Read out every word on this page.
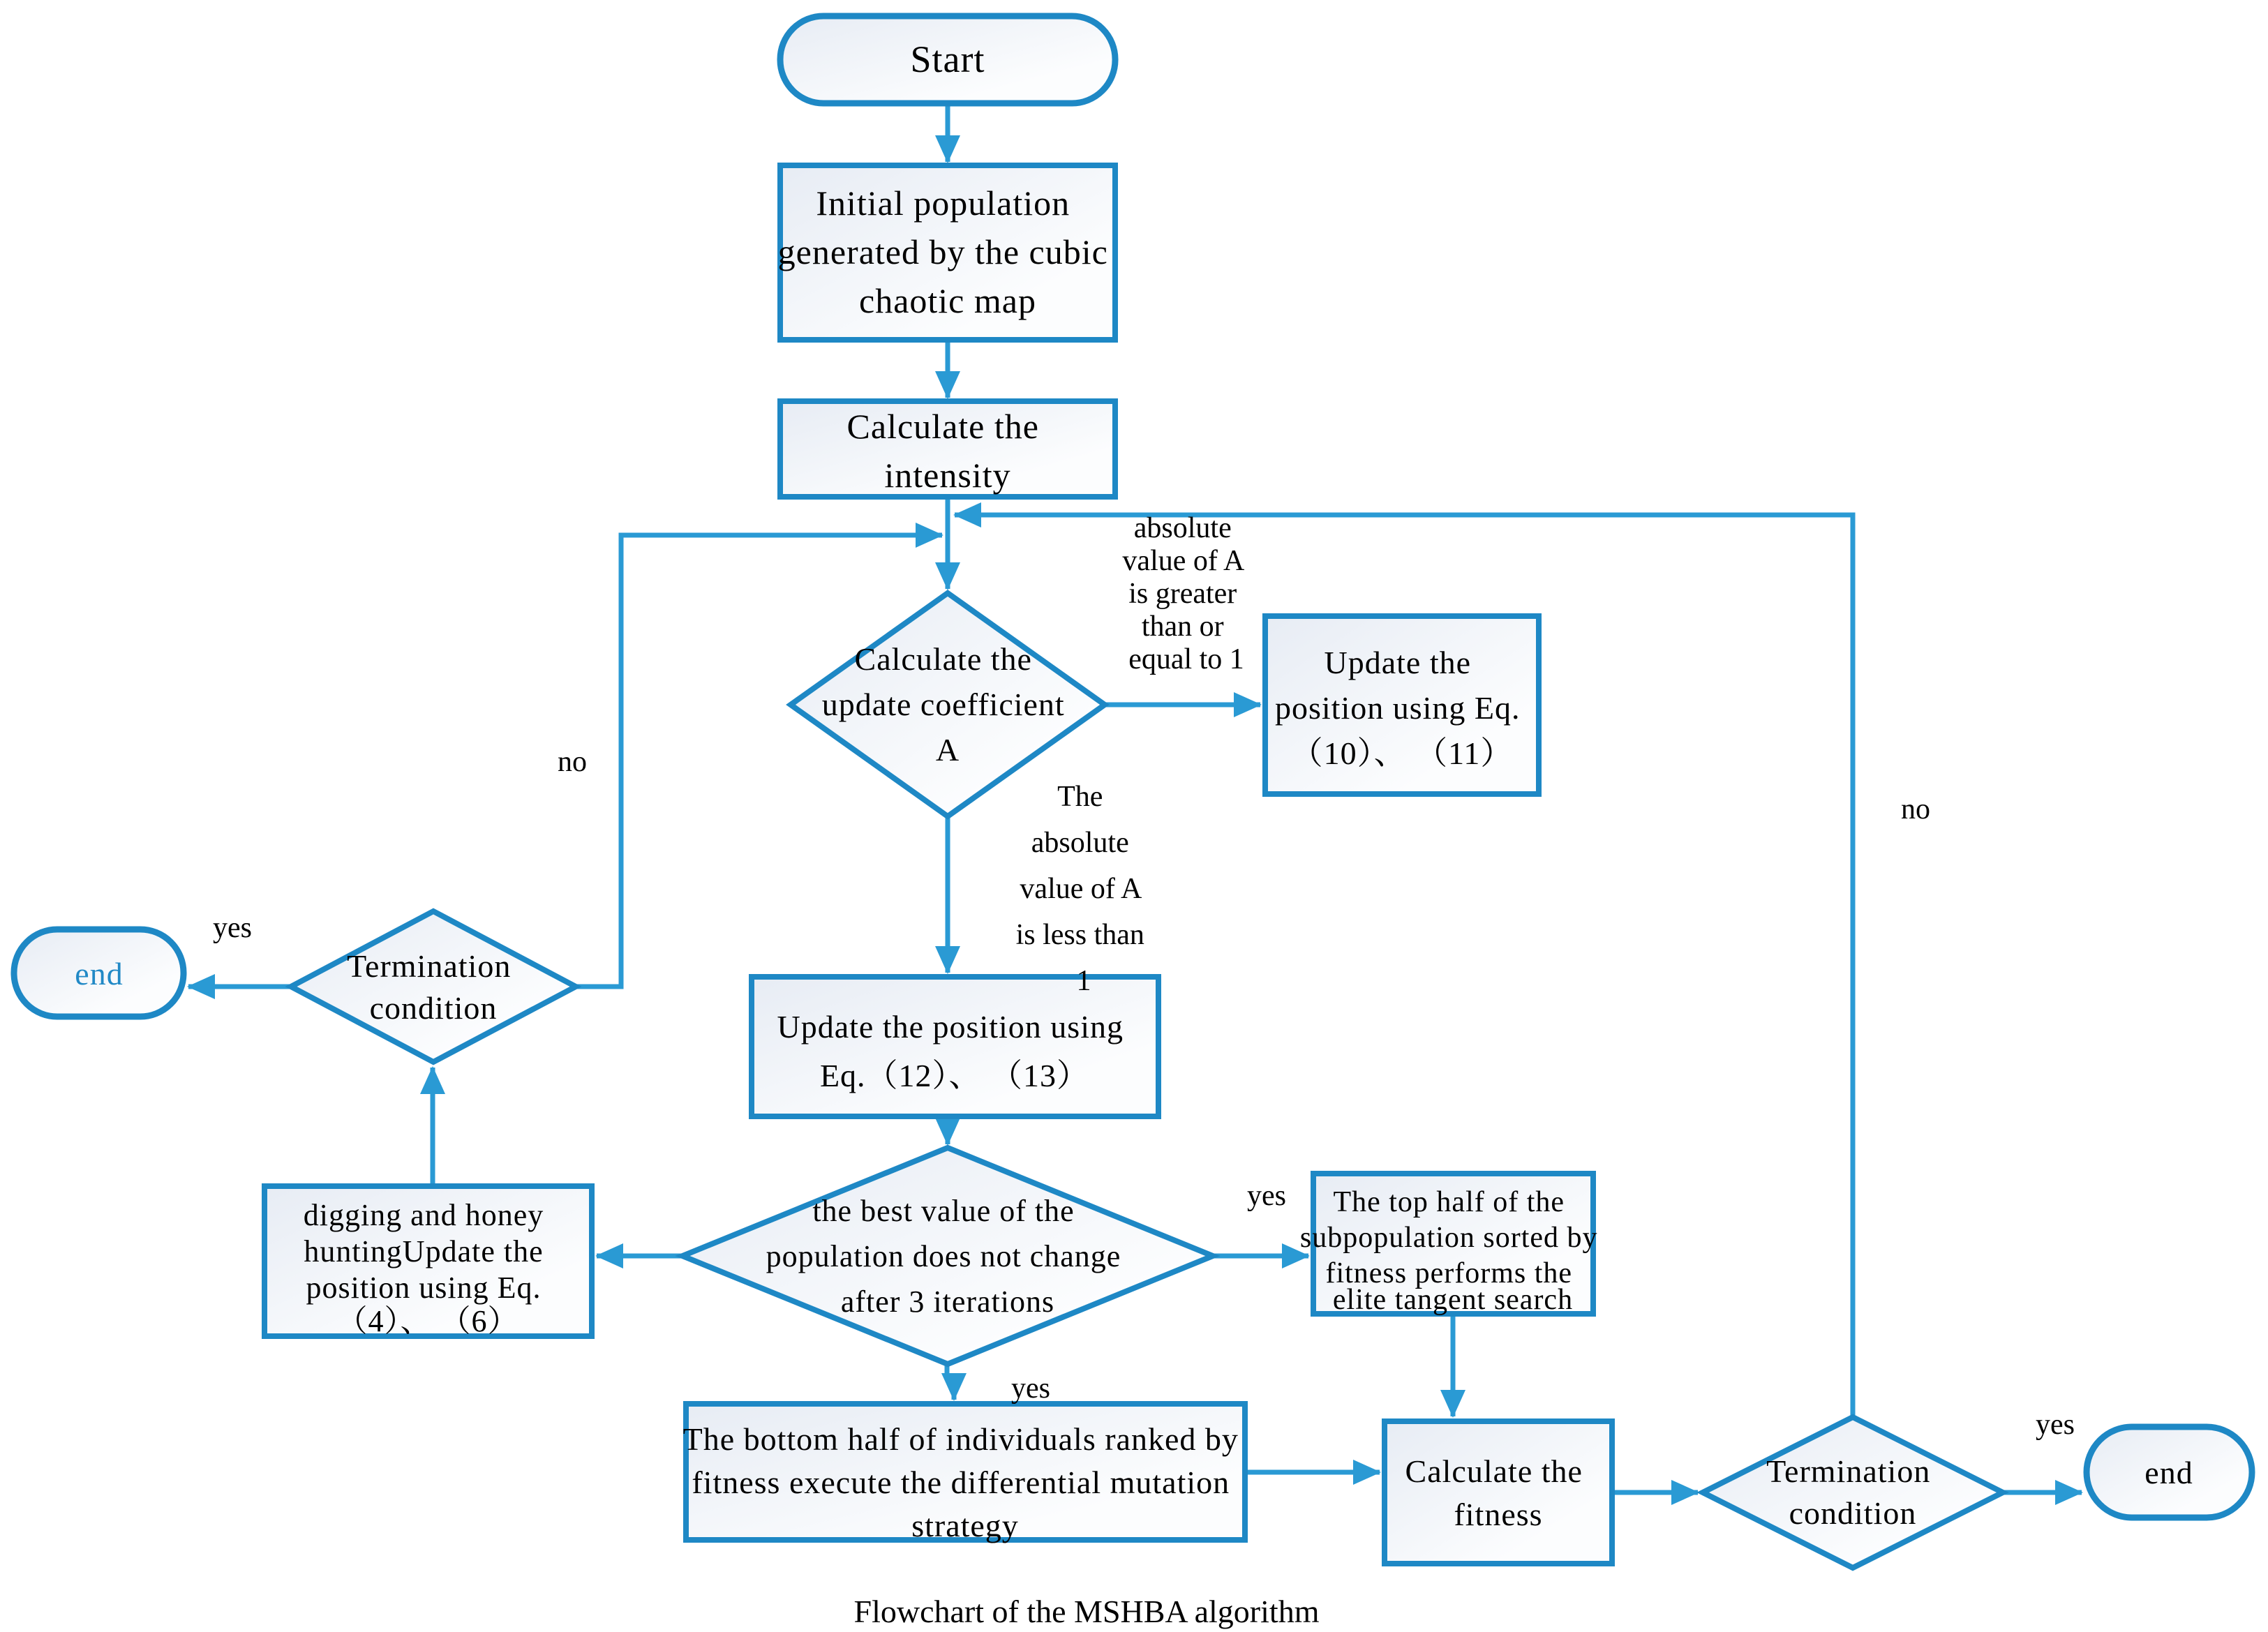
Start
Initial population generated by the cubic chaotic map
Calculate the intensity
Calculate the update coefficient A
Update the position using Eq. （10）、 （11）
Update the position using Eq.（12）、 （13）
the best value of the population does not change after 3 iterations
The top half of the subpopulation sorted by fitness performs the elite tangent search
digging and honey huntingUpdate the position using Eq. （4）、 （6）
The bottom half of individuals ranked by fitness execute the differential mutation strategy
Calculate the fitness
Termination condition
Termination condition
end
end
absolute value of A is greater than or equal to 1
The absolute value of A is less than 1
no
no
yes
yes
yes
yes
Flowchart of the MSHBA algorithm
